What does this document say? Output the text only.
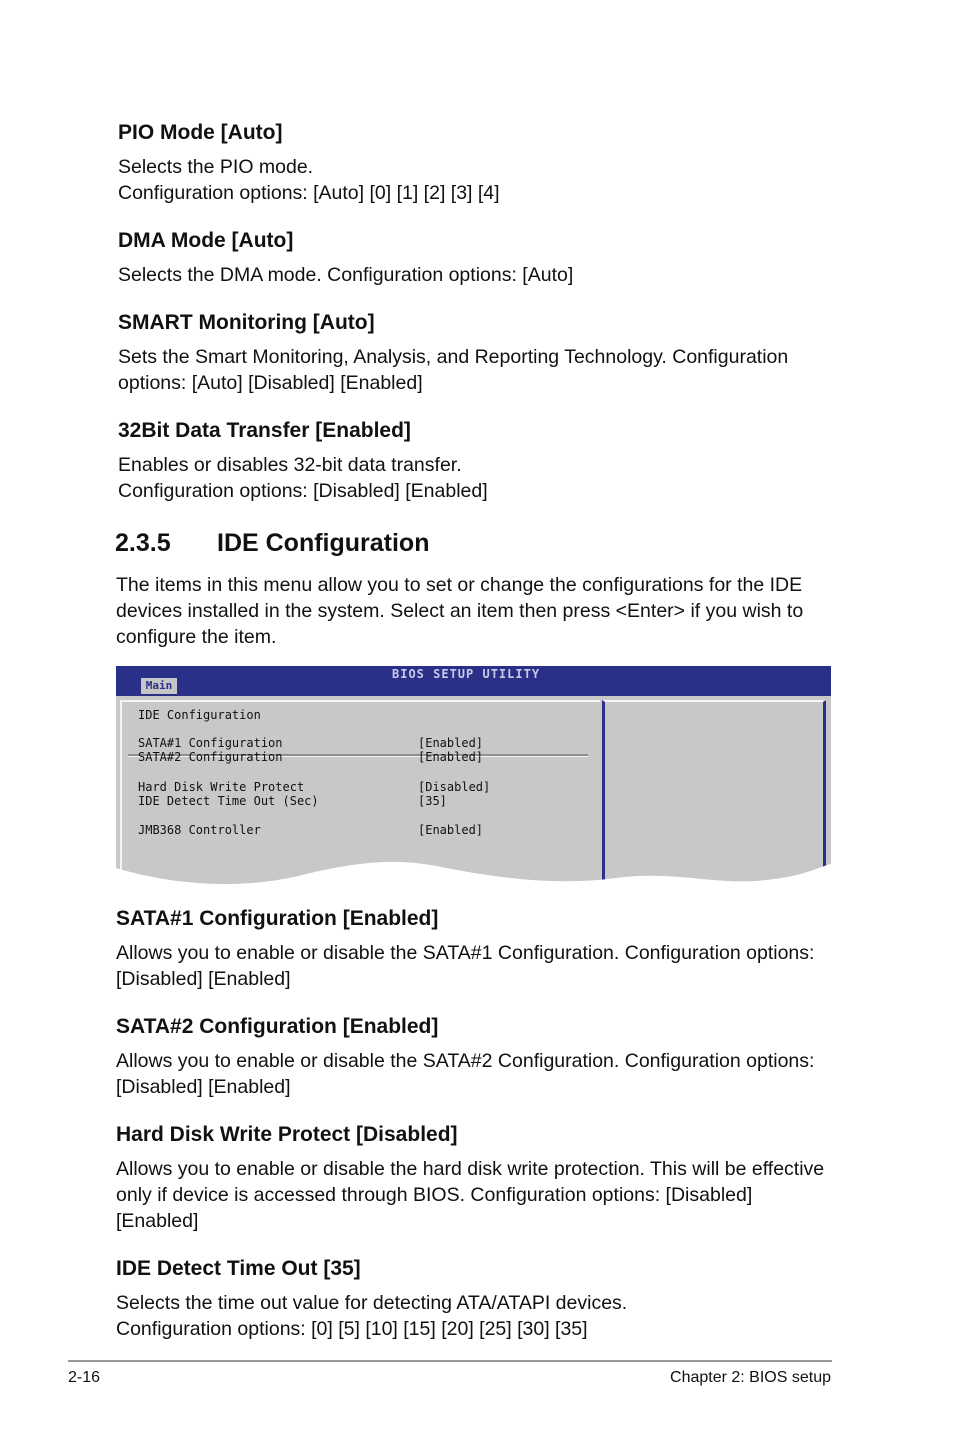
PIO Mode [Auto]

Selects the PIO mode.
Configuration options: [Auto] [0] [1] [2] [3] [4]

DMA Mode [Auto]

Selects the DMA mode. Configuration options: [Auto]

SMART Monitoring [Auto]

Sets the Smart Monitoring, Analysis, and Reporting Technology. Configuration
options: [Auto] [Disabled] [Enabled]

32Bit Data Transfer [Enabled]

Enables or disables 32-bit data transfer.
Configuration options: [Disabled] [Enabled]

2.3.5 IDE Configuration

The items in this menu allow you to set or change the configurations for the IDE
devices installed in the system. Select an item then press <Enter> if you wish to
configure the item.

BIOS SETUP UTILITY
Main
IDE Configuration
SATA#1 Configuration	[Enabled]
SATA#2 Configuration	[Enabled]
Hard Disk Write Protect	[Disabled]
IDE Detect Time Out (Sec)	[35]
JMB368 Controller	[Enabled]
SATA#1 Configuration [Enabled]

Allows you to enable or disable the SATA#1 Configuration. Configuration options:
[Disabled] [Enabled]

SATA#2 Configuration [Enabled]

Allows you to enable or disable the SATA#2 Configuration. Configuration options:
[Disabled] [Enabled]

Hard Disk Write Protect [Disabled]

Allows you to enable or disable the hard disk write protection. This will be effective
only if device is accessed through BIOS. Configuration options: [Disabled]
[Enabled]

IDE Detect Time Out [35]

Selects the time out value for detecting ATA/ATAPI devices.
Configuration options: [0] [5] [10] [15] [20] [25] [30] [35]

2-16	Chapter 2: BIOS setup
